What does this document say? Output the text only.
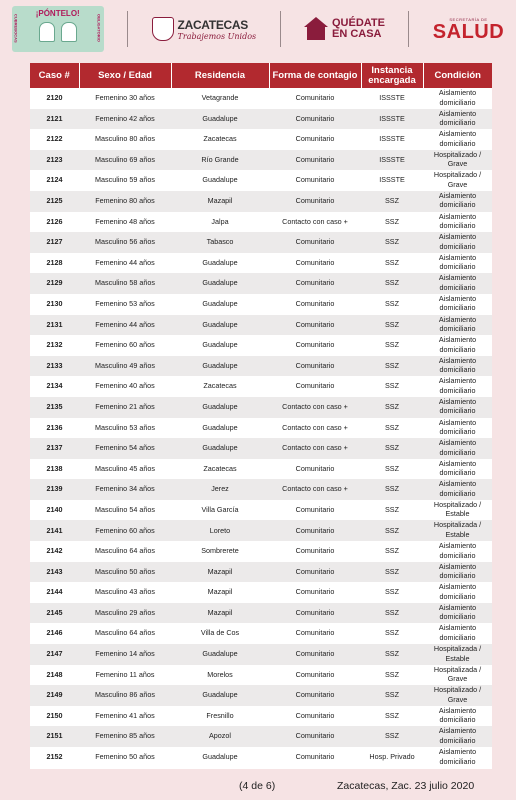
CUBREBOCAS
¡PÓNTELO!
OBLIGATORIO	ZACATECAS
Trabajemos Unidos
QUÉDATE
EN CASA
SECRETARÍA DE
SALUD
Caso #	Sexo / Edad	Residencia	Forma de contagio	Instancia encargada	Condición
2120	Femenino 30 años	Vetagrande	Comunitario	ISSSTE	Aislamiento
domiciliario

2121	Femenino 42 años	Guadalupe	Comunitario	ISSSTE	Aislamiento
domiciliario

2122	Masculino 80 años	Zacatecas	Comunitario	ISSSTE	Aislamiento
domiciliario

2123	Masculino 69 años	Río Grande	Comunitario	ISSSTE	Hospitalizado /
Grave

2124	Masculino 59 años	Guadalupe	Comunitario	ISSSTE	Hospitalizado /
Grave

2125	Femenino 80 años	Mazapil	Comunitario	SSZ	Aislamiento
domiciliario

2126	Femenino 48 años	Jalpa	Contacto con caso +	SSZ	Aislamiento
domiciliario

2127	Masculino 56 años	Tabasco	Comunitario	SSZ	Aislamiento
domiciliario

2128	Femenino 44 años	Guadalupe	Comunitario	SSZ	Aislamiento
domiciliario

2129	Masculino 58 años	Guadalupe	Comunitario	SSZ	Aislamiento
domiciliario

2130	Femenino 53 años	Guadalupe	Comunitario	SSZ	Aislamiento
domiciliario

2131	Femenino 44 años	Guadalupe	Comunitario	SSZ	Aislamiento
domiciliario

2132	Femenino 60 años	Guadalupe	Comunitario	SSZ	Aislamiento
domiciliario

2133	Masculino 49 años	Guadalupe	Comunitario	SSZ	Aislamiento
domiciliario

2134	Femenino 40 años	Zacatecas	Comunitario	SSZ	Aislamiento
domiciliario

2135	Femenino 21 años	Guadalupe	Contacto con caso +	SSZ	Aislamiento
domiciliario

2136	Masculino 53 años	Guadalupe	Contacto con caso +	SSZ	Aislamiento
domiciliario

2137	Femenino 54 años	Guadalupe	Contacto con caso +	SSZ	Aislamiento
domiciliario

2138	Masculino 45 años	Zacatecas	Comunitario	SSZ	Aislamiento
domiciliario

2139	Femenino 34 años	Jerez	Contacto con caso +	SSZ	Aislamiento
domiciliario

2140	Masculino 54 años	Villa García	Comunitario	SSZ	Hospitalizado /
Estable

2141	Femenino 60 años	Loreto	Comunitario	SSZ	Hospitalizada /
Estable

2142	Masculino 64 años	Sombrerete	Comunitario	SSZ	Aislamiento
domiciliario

2143	Masculino 50 años	Mazapil	Comunitario	SSZ	Aislamiento
domiciliario

2144	Masculino 43 años	Mazapil	Comunitario	SSZ	Aislamiento
domiciliario

2145	Masculino 29 años	Mazapil	Comunitario	SSZ	Aislamiento
domiciliario

2146	Masculino 64 años	Villa de Cos	Comunitario	SSZ	Aislamiento
domiciliario

2147	Femenino 14 años	Guadalupe	Comunitario	SSZ	Hospitalizada /
Estable

2148	Femenino 11 años	Morelos	Comunitario	SSZ	Hospitalizada /
Grave

2149	Masculino 86 años	Guadalupe	Comunitario	SSZ	Hospitalizado /
Grave

2150	Femenino 41 años	Fresnillo	Comunitario	SSZ	Aislamiento
domiciliario

2151	Femenino 85 años	Apozol	Comunitario	SSZ	Aislamiento
domiciliario

2152	Femenino 50 años	Guadalupe	Comunitario	Hosp. Privado	Aislamiento
domiciliario
(4 de 6)	Zacatecas, Zac. 23 julio 2020
